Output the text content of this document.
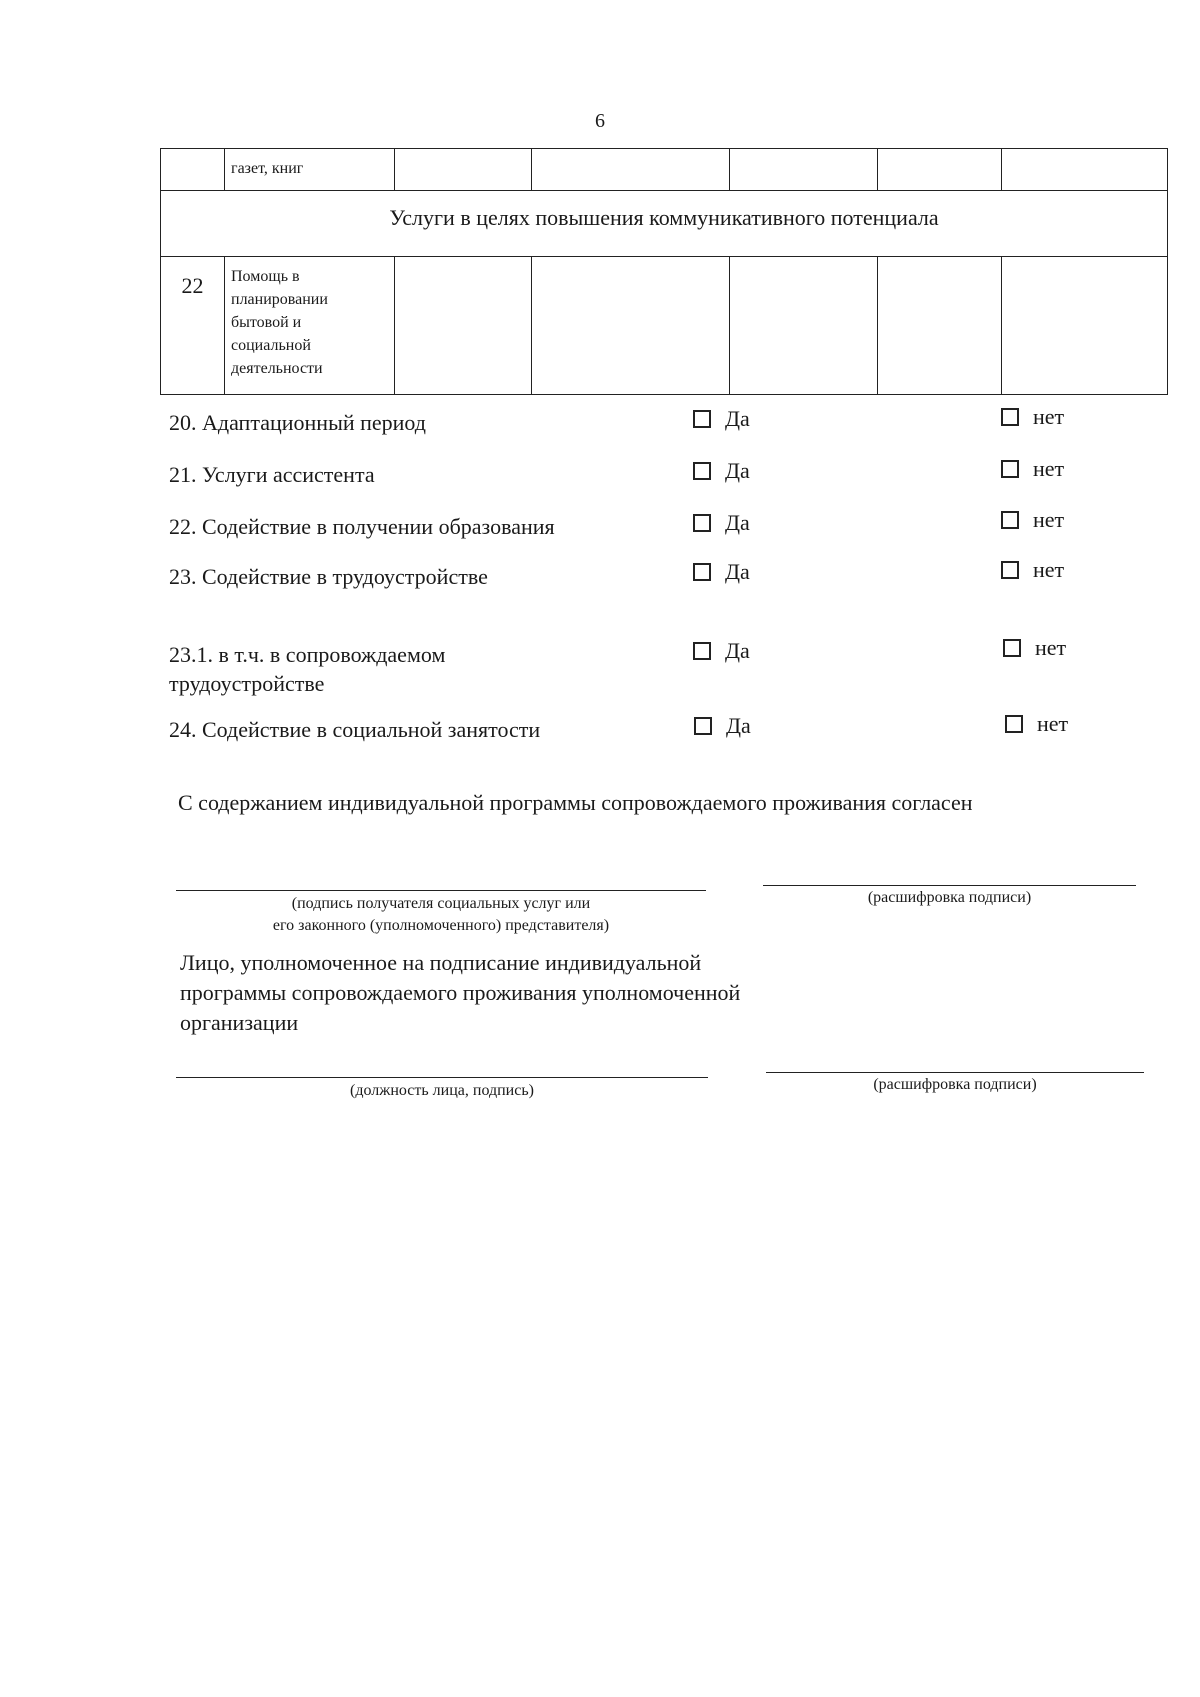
6
	газет, книг					
Услуги в целях повышения коммуникативного потенциала						
22	Помощь в
планировании
бытовой и
социальной
деятельности					

20. Адаптационный период	Да	нет
21. Услуги ассистента	Да	нет
22. Содействие в получении образования	Да	нет
23. Содействие в трудоустройстве	Да	нет
23.1. в т.ч. в сопровождаемом
трудоустройстве
Да	нет
24. Содействие в социальной занятости	Да	нет
С содержанием индивидуальной программы сопровождаемого проживания согласен
(подпись получателя социальных услуг или
его законного (уполномоченного) представителя)
(расшифровка подписи)
Лицо, уполномоченное на подписание индивидуальной
программы сопровождаемого проживания уполномоченной
организации
(должность лица, подпись)	(расшифровка подписи)
